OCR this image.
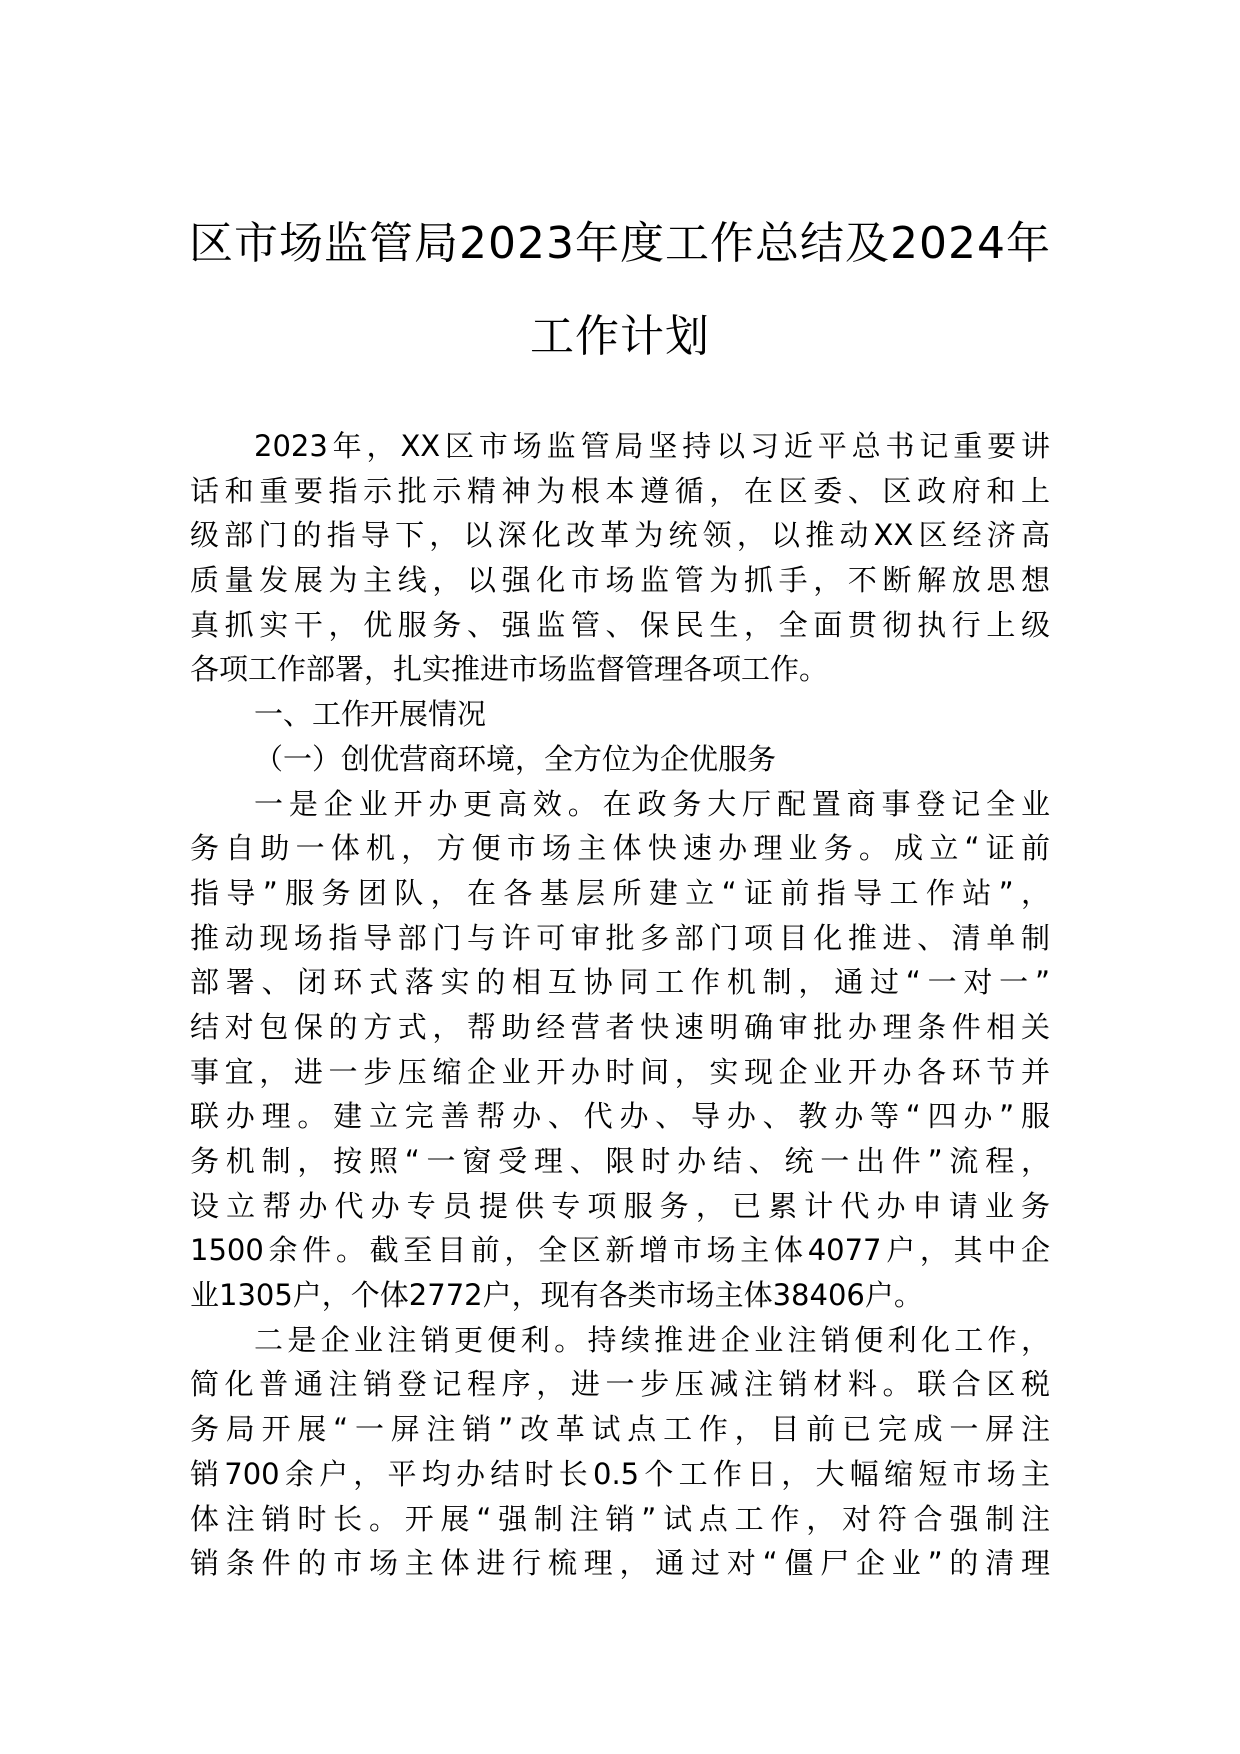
区市场监管局2023年度工作总结及2024年
工作计划
2023年，XX区市场监管局坚持以习近平总书记重要讲
话和重要指示批示精神为根本遵循，在区委、区政府和上
级部门的指导下，以深化改革为统领，以推动XX区经济高
质量发展为主线，以强化市场监管为抓手，不断解放思想
真抓实干，优服务、强监管、保民生，全面贯彻执行上级
各项工作部署，扎实推进市场监督管理各项工作。
一、工作开展情况
（一）创优营商环境，全方位为企优服务
一是企业开办更高效。在政务大厅配置商事登记全业
务自助一体机，方便市场主体快速办理业务。成立“证前
指导”服务团队，在各基层所建立“证前指导工作站”，
推动现场指导部门与许可审批多部门项目化推进、清单制
部署、闭环式落实的相互协同工作机制，通过“一对一”
结对包保的方式，帮助经营者快速明确审批办理条件相关
事宜，进一步压缩企业开办时间，实现企业开办各环节并
联办理。建立完善帮办、代办、导办、教办等“四办”服
务机制，按照“一窗受理、限时办结、统一出件”流程，
设立帮办代办专员提供专项服务，已累计代办申请业务
1500余件。截至目前，全区新增市场主体4077户，其中企
业1305户，个体2772户，现有各类市场主体38406户。
二是企业注销更便利。持续推进企业注销便利化工作，
简化普通注销登记程序，进一步压减注销材料。联合区税
务局开展“一屏注销”改革试点工作，目前已完成一屏注
销700余户，平均办结时长0.5个工作日，大幅缩短市场主
体注销时长。开展“强制注销”试点工作，对符合强制注
销条件的市场主体进行梳理，通过对“僵尸企业”的清理
